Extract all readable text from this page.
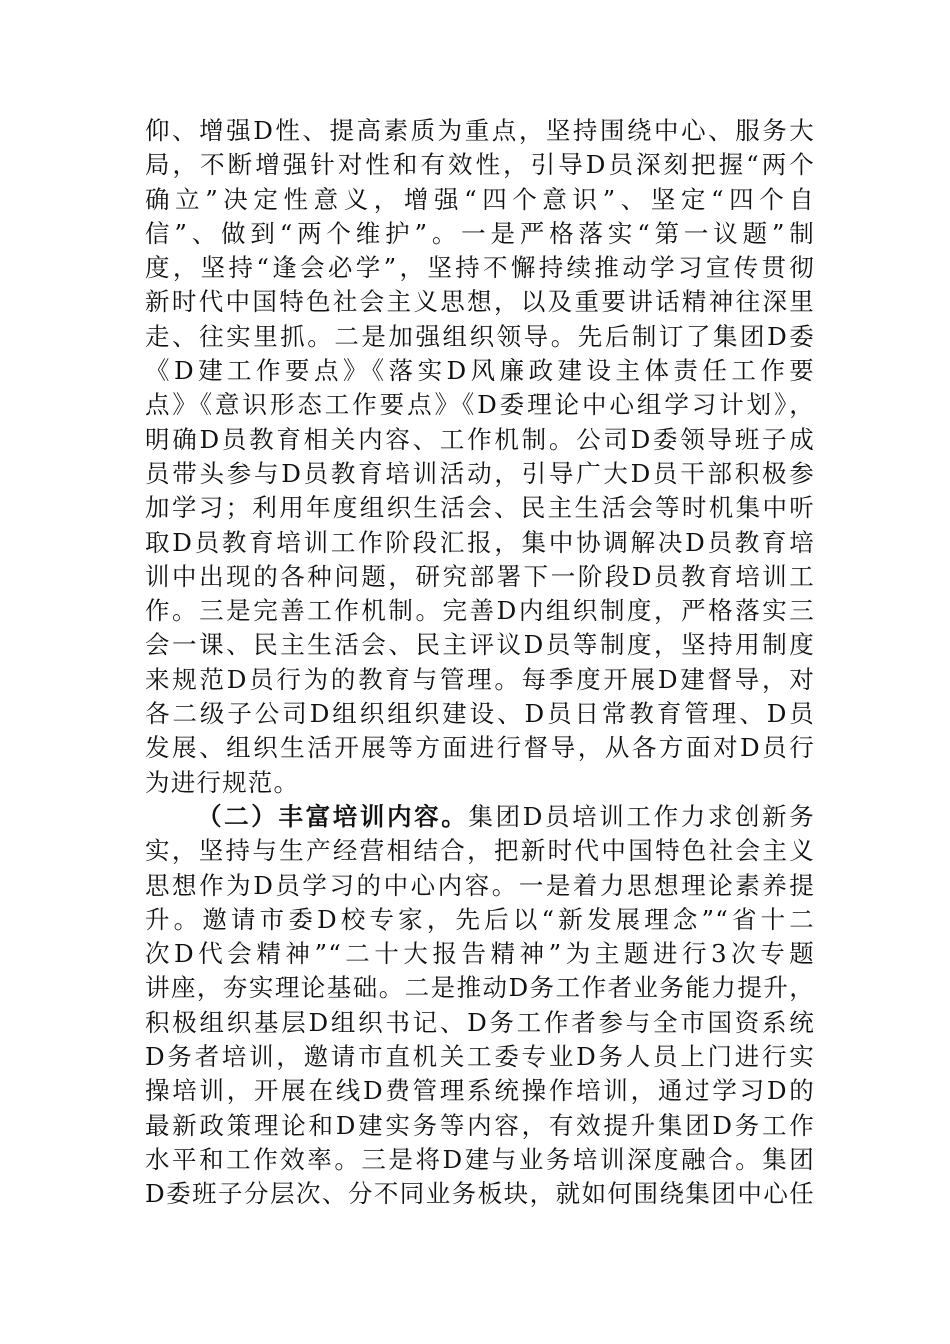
仰、增强D性、提高素质为重点，坚持围绕中心、服务大
局，不断增强针对性和有效性，引导D员深刻把握“两个
确立”决定性意义，增强“四个意识”、坚定“四个自
信”、做到“两个维护”。一是严格落实“第一议题”制
度，坚持“逢会必学”，坚持不懈持续推动学习宣传贯彻
新时代中国特色社会主义思想，以及重要讲话精神往深里
走、往实里抓。二是加强组织领导。先后制订了集团D委
《D建工作要点》《落实D风廉政建设主体责任工作要
点》《意识形态工作要点》《D委理论中心组学习计划》，
明确D员教育相关内容、工作机制。公司D委领导班子成
员带头参与D员教育培训活动，引导广大D员干部积极参
加学习；利用年度组织生活会、民主生活会等时机集中听
取D员教育培训工作阶段汇报，集中协调解决D员教育培
训中出现的各种问题，研究部署下一阶段D员教育培训工
作。三是完善工作机制。完善D内组织制度，严格落实三
会一课、民主生活会、民主评议D员等制度，坚持用制度
来规范D员行为的教育与管理。每季度开展D建督导，对
各二级子公司D组织组织建设、D员日常教育管理、D员
发展、组织生活开展等方面进行督导，从各方面对D员行
为进行规范。
（二）丰富培训内容。集团D员培训工作力求创新务
实，坚持与生产经营相结合，把新时代中国特色社会主义
思想作为D员学习的中心内容。一是着力思想理论素养提
升。邀请市委D校专家，先后以“新发展理念”“省十二
次D代会精神”“二十大报告精神”为主题进行3次专题
讲座，夯实理论基础。二是推动D务工作者业务能力提升，
积极组织基层D组织书记、D务工作者参与全市国资系统
D务者培训，邀请市直机关工委专业D务人员上门进行实
操培训，开展在线D费管理系统操作培训，通过学习D的
最新政策理论和D建实务等内容，有效提升集团D务工作
水平和工作效率。三是将D建与业务培训深度融合。集团
D委班子分层次、分不同业务板块，就如何围绕集团中心任
